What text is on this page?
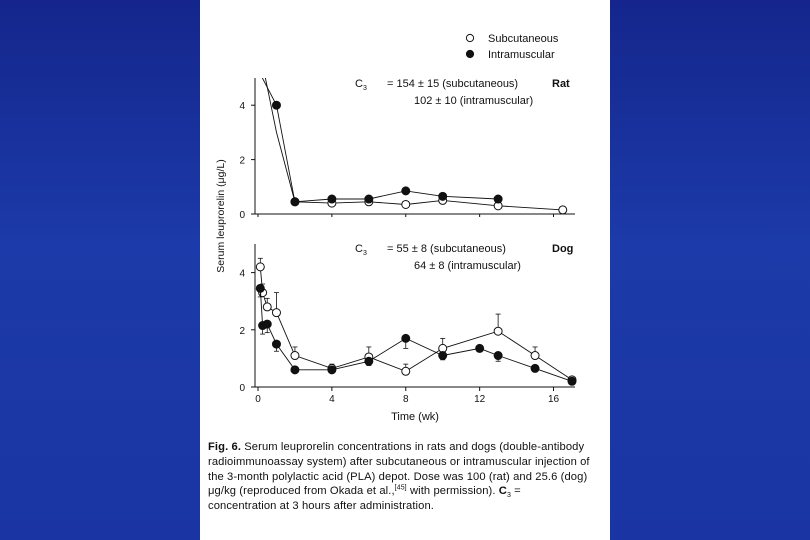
Subcutaneous
Intramuscular
Serum leuprorelin (μg/L)
Rat
$C_3 = 154 \pm 15$ (subcutaneous)
102 ± 10 (intramuscular)
0
2
4
Dog
$C_3 = 55 \pm 8$ (subcutaneous)
64 ± 8 (intramuscular)
0
2
4
0	4	8	12	16
Time (wk)
Fig. 6. Serum leuprorelin concentrations in rats and dogs (double-antibody radioimmunoassay system) after subcutaneous or intramuscular injection of the 3-month polylactic acid (PLA) depot. Dose was 100 (rat) and 25.6 (dog) μg/kg (reproduced from Okada et al.,[45] with permission). $C_3$ = concentration at 3 hours after administration.
